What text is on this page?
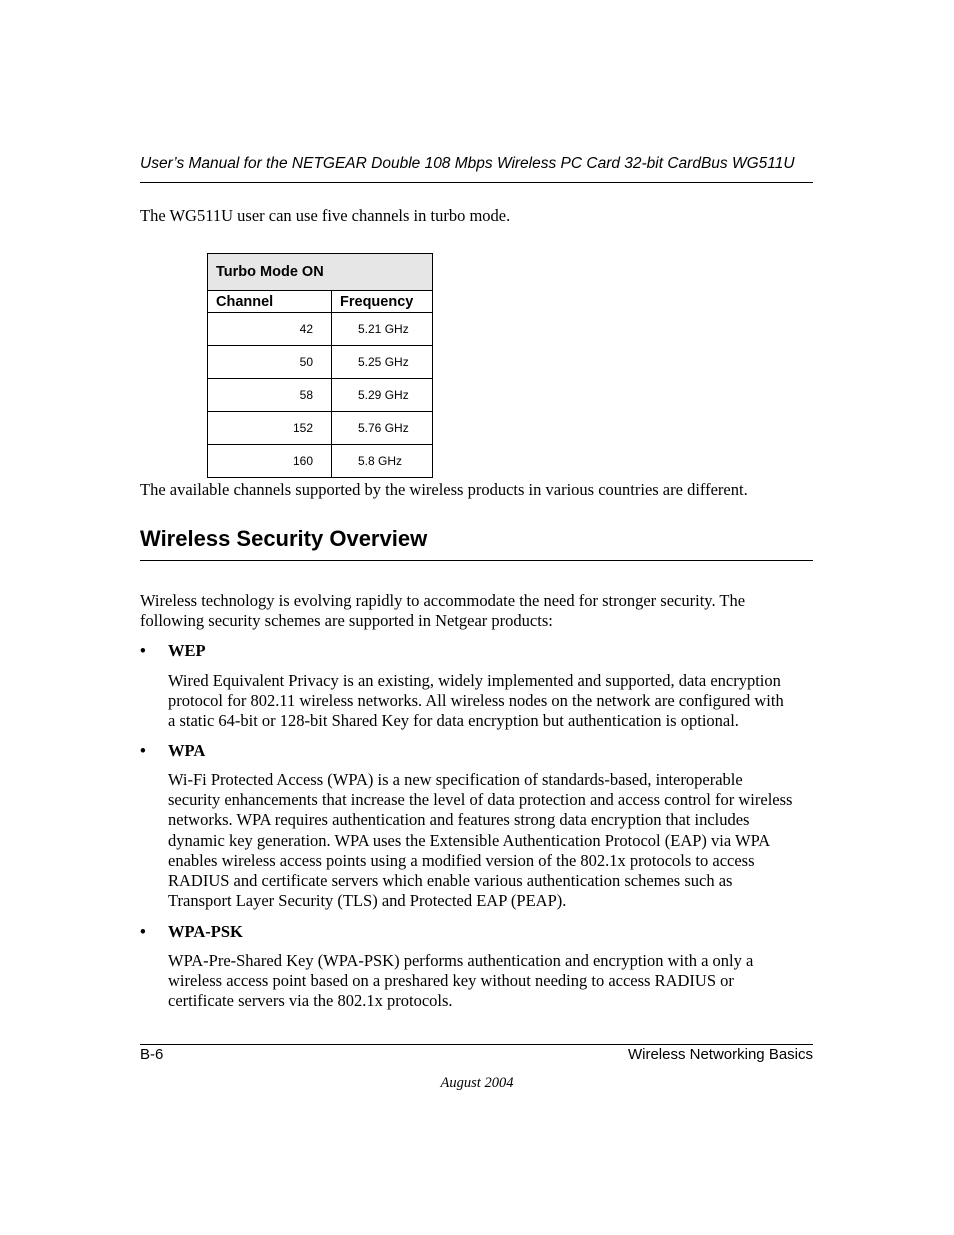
User’s Manual for the NETGEAR Double 108 Mbps Wireless PC Card 32-bit CardBus WG511U
The WG511U user can use five channels in turbo mode.
Turbo Mode ON	
Channel	Frequency
42	5.21 GHz
50	5.25 GHz
58	5.29 GHz
152	5.76 GHz
160	5.8 GHz
The available channels supported by the wireless products in various countries are different.
Wireless Security Overview
Wireless technology is evolving rapidly to accommodate the need for stronger security. The
following security schemes are supported in Netgear products:
• WEP
Wired Equivalent Privacy is an existing, widely implemented and supported, data encryption
protocol for 802.11 wireless networks. All wireless nodes on the network are configured with
a static 64-bit or 128-bit Shared Key for data encryption but authentication is optional.
• WPA
Wi-Fi Protected Access (WPA) is a new specification of standards-based, interoperable
security enhancements that increase the level of data protection and access control for wireless
networks. WPA requires authentication and features strong data encryption that includes
dynamic key generation. WPA uses the Extensible Authentication Protocol (EAP) via WPA
enables wireless access points using a modified version of the 802.1x protocols to access
RADIUS and certificate servers which enable various authentication schemes such as
Transport Layer Security (TLS) and Protected EAP (PEAP).
• WPA-PSK
WPA-Pre-Shared Key (WPA-PSK) performs authentication and encryption with a only a
wireless access point based on a preshared key without needing to access RADIUS or
certificate servers via the 802.1x protocols.
B-6	Wireless Networking Basics
August 2004
